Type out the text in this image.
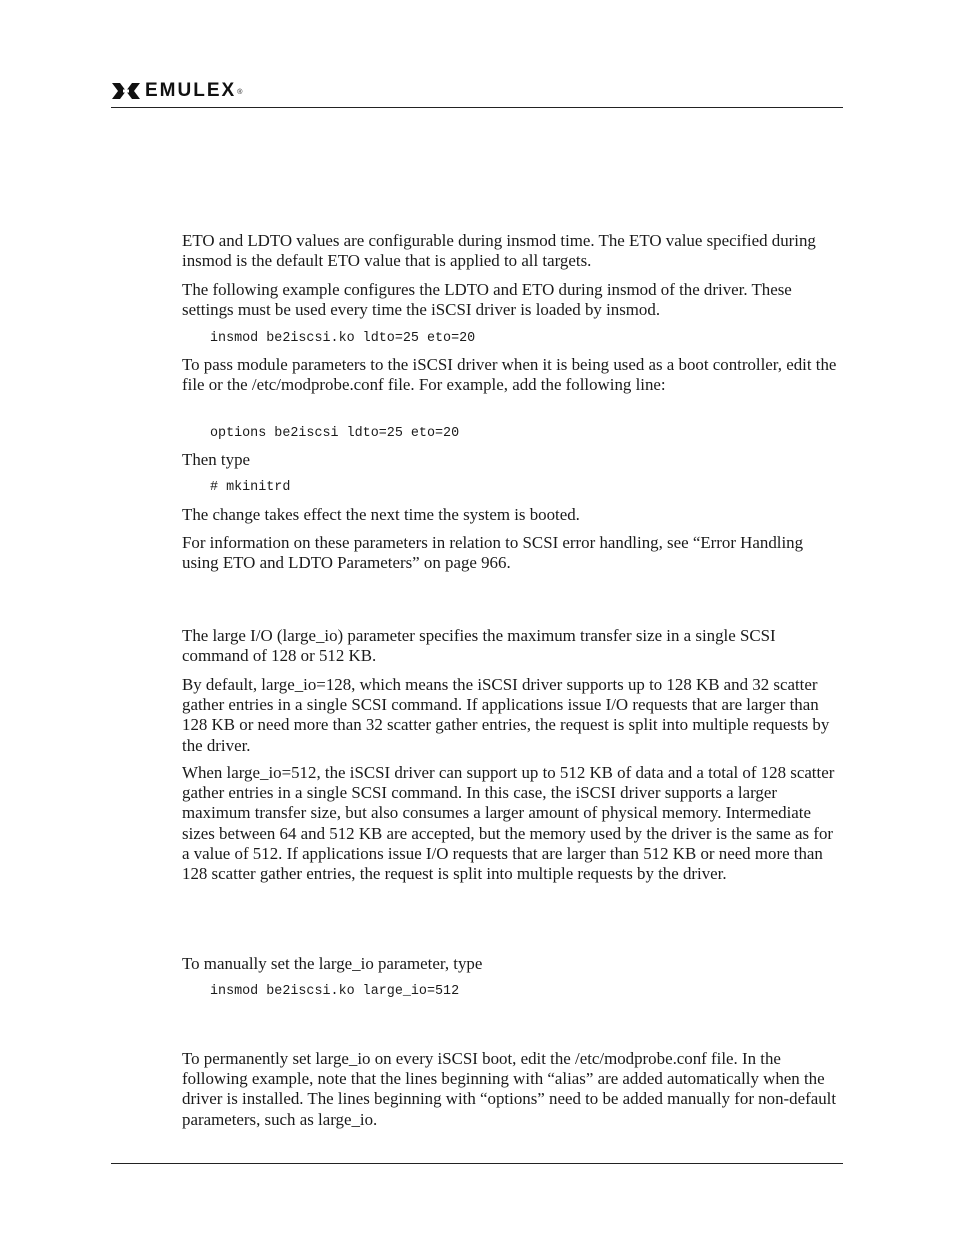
EMULEX ®

ETO and LDTO values are configurable during insmod time. The ETO value specified during insmod is the default ETO value that is applied to all targets.

The following example configures the LDTO and ETO during insmod of the driver. These settings must be used every time the iSCSI driver is loaded by insmod.

insmod be2iscsi.ko ldto=25 eto=20

To pass module parameters to the iSCSI driver when it is being used as a boot controller, edit the file or the /etc/modprobe.conf file. For example, add the following line:

options be2iscsi ldto=25 eto=20

Then type

# mkinitrd

The change takes effect the next time the system is booted.

For information on these parameters in relation to SCSI error handling, see “Error Handling using ETO and LDTO Parameters” on page 966.

The large I/O (large_io) parameter specifies the maximum transfer size in a single SCSI command of 128 or 512 KB.

By default, large_io=128, which means the iSCSI driver supports up to 128 KB and 32 scatter gather entries in a single SCSI command. If applications issue I/O requests that are larger than 128 KB or need more than 32 scatter gather entries, the request is split into multiple requests by the driver.

When large_io=512, the iSCSI driver can support up to 512 KB of data and a total of 128 scatter gather entries in a single SCSI command. In this case, the iSCSI driver supports a larger maximum transfer size, but also consumes a larger amount of physical memory. Intermediate sizes between 64 and 512 KB are accepted, but the memory used by the driver is the same as for a value of 512. If applications issue I/O requests that are larger than 512 KB or need more than 128 scatter gather entries, the request is split into multiple requests by the driver.

To manually set the large_io parameter, type

insmod be2iscsi.ko large_io=512

To permanently set large_io on every iSCSI boot, edit the /etc/modprobe.conf file. In the following example, note that the lines beginning with “alias” are added automatically when the driver is installed. The lines beginning with “options” need to be added manually for non-default parameters, such as large_io.
